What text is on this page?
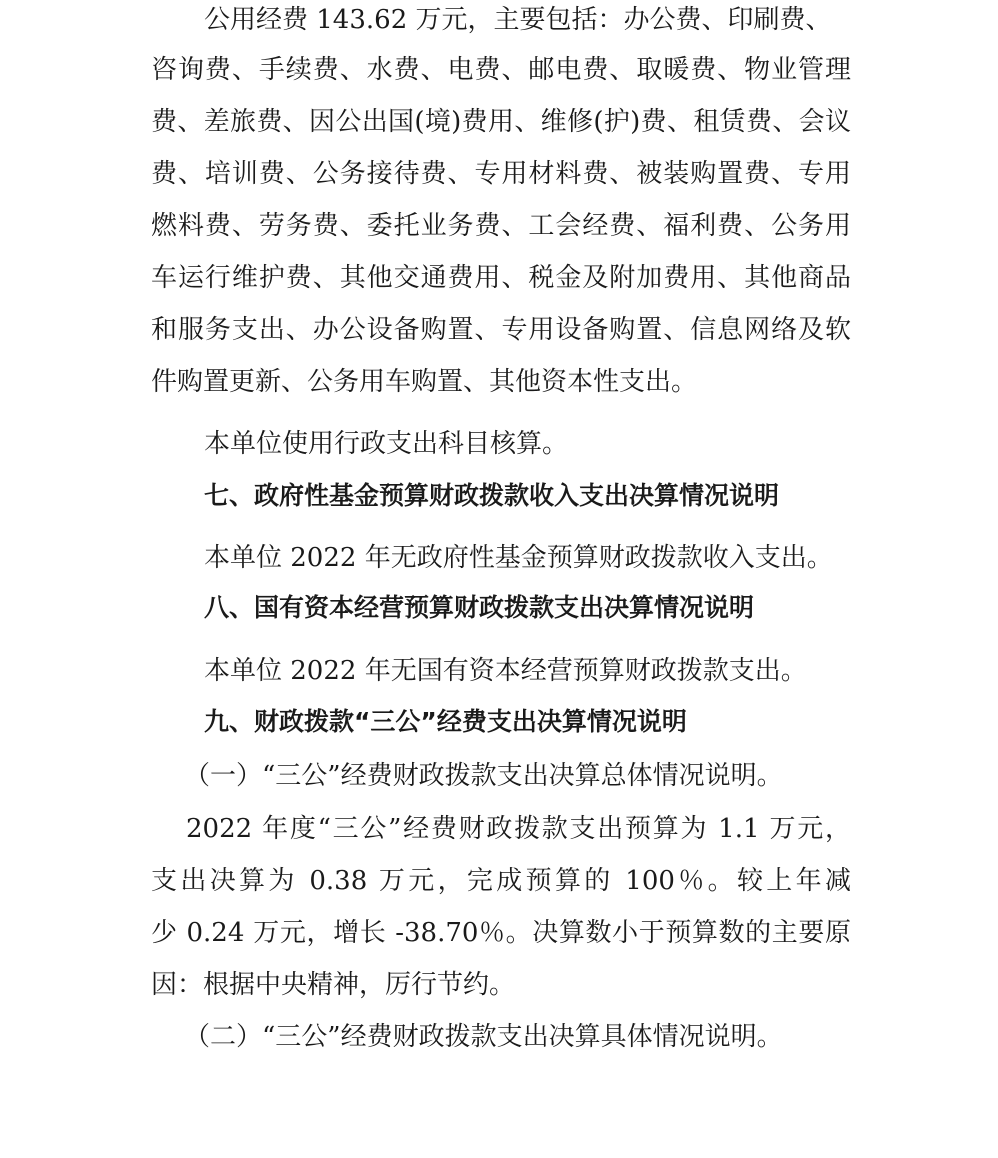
公用经费 143.62 万元，主要包括：办公费、印刷费、
咨询费、手续费、水费、电费、邮电费、取暖费、物业管理
费、差旅费、因公出国(境)费用、维修(护)费、租赁费、会议
费、培训费、公务接待费、专用材料费、被装购置费、专用
燃料费、劳务费、委托业务费、工会经费、福利费、公务用
车运行维护费、其他交通费用、税金及附加费用、其他商品
和服务支出、办公设备购置、专用设备购置、信息网络及软
件购置更新、公务用车购置、其他资本性支出。
本单位使用行政支出科目核算。
七、政府性基金预算财政拨款收入支出决算情况说明
本单位 2022 年无政府性基金预算财政拨款收入支出。
八、国有资本经营预算财政拨款支出决算情况说明
本单位 2022 年无国有资本经营预算财政拨款支出。
九、财政拨款“三公”经费支出决算情况说明
（一）“三公”经费财政拨款支出决算总体情况说明。
2022 年度“三公”经费财政拨款支出预算为 1.1 万元，
支出决算为 0.38 万元，完成预算的 100％。较上年减
少 0.24 万元，增长 -38.70％。决算数小于预算数的主要原
因：根据中央精神，厉行节约。
（二）“三公”经费财政拨款支出决算具体情况说明。
